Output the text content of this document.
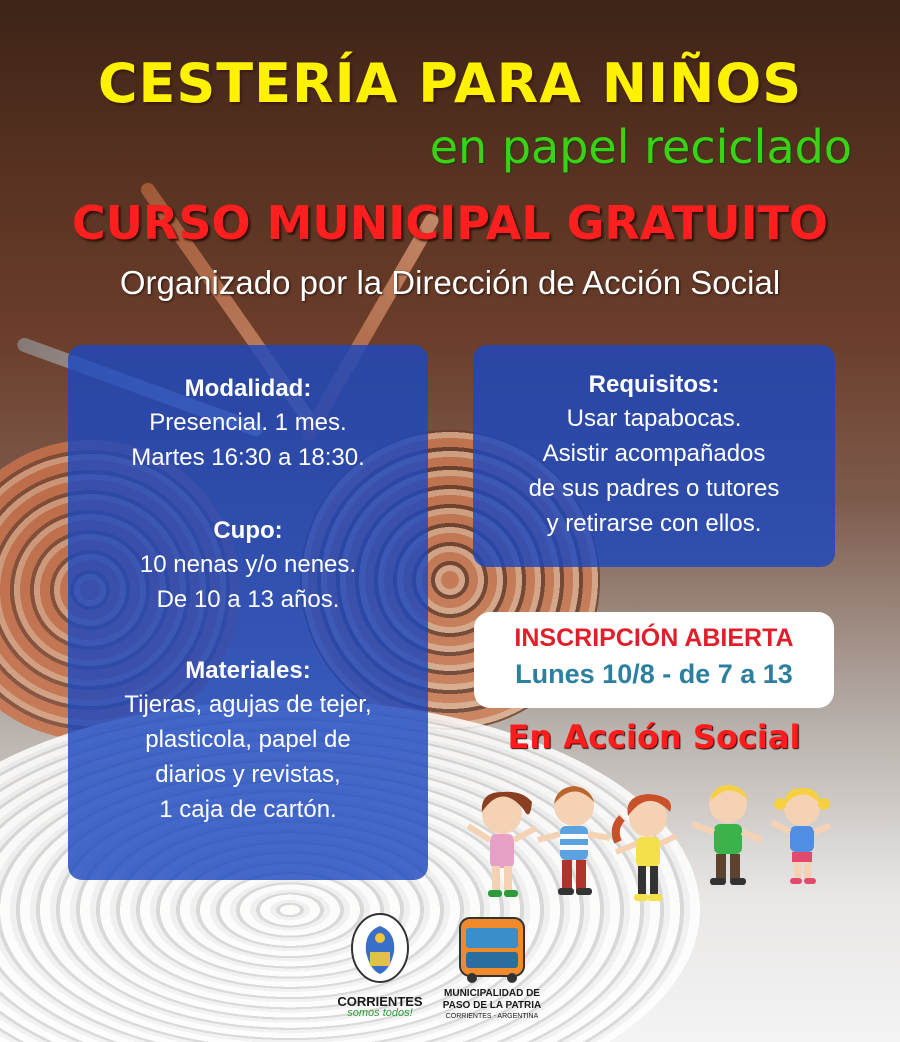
CESTERÍA PARA NIÑOS
en papel reciclado
CURSO MUNICIPAL GRATUITO
Organizado por la Dirección de Acción Social
Modalidad:
Presencial. 1 mes.
Martes 16:30 a 18:30.
Cupo:
10 nenas y/o nenes.
De 10 a 13 años.
Materiales:
Tijeras, agujas de tejer,
plasticola, papel de
diarios y revistas,
1 caja de cartón.
Requisitos:
Usar tapabocas.
Asistir acompañados
de sus padres o tutores
y retirarse con ellos.
INSCRIPCIÓN ABIERTA
Lunes 10/8 - de 7 a 13
En Acción Social
CORRIENTES
somos todos!
MUNICIPALIDAD DE
PASO DE LA PATRIA
CORRIENTES - ARGENTINA
